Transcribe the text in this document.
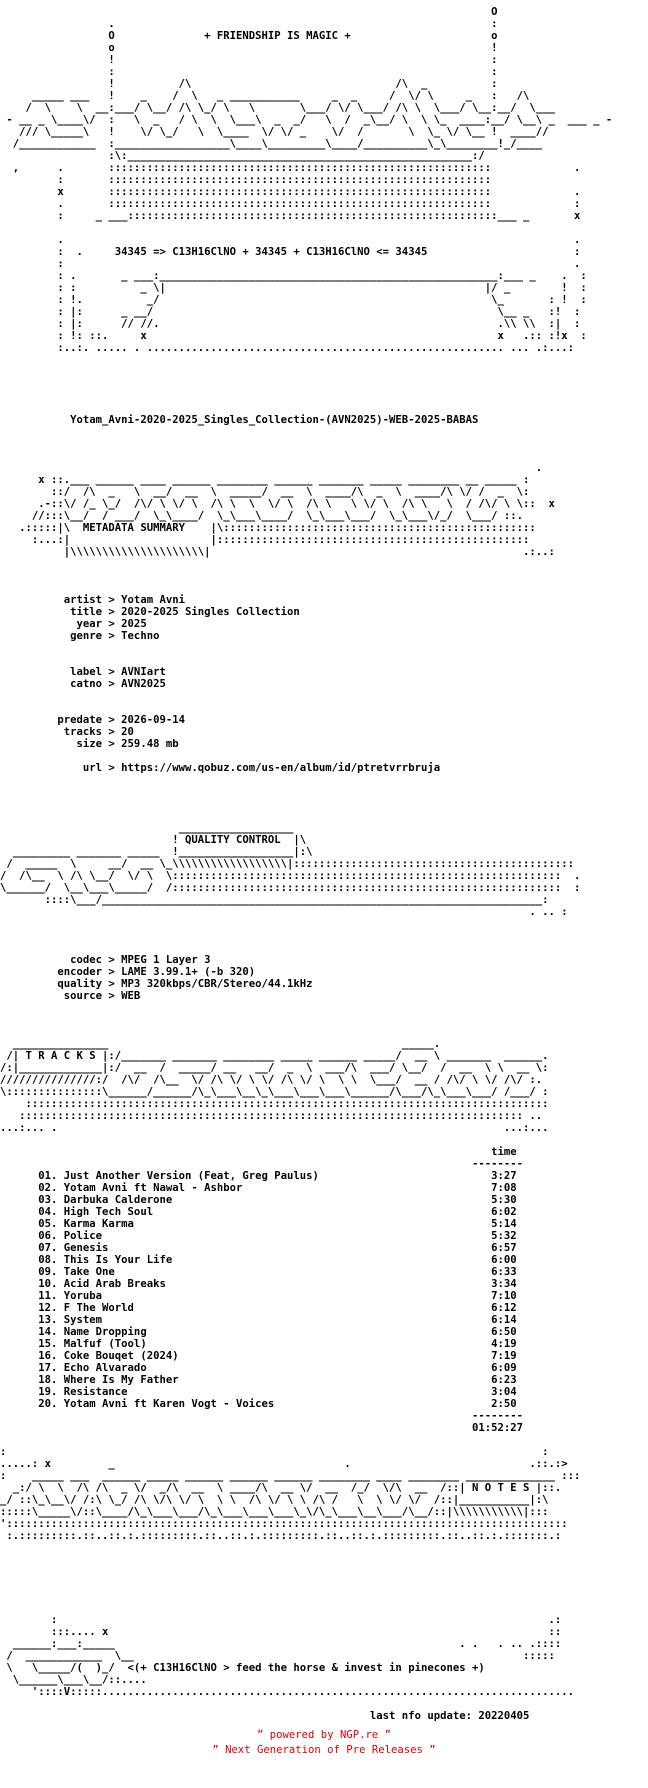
O
.                                                           :
O              + FRIENDSHIP IS MAGIC +                      o
o                                                           !
!                                                           :
:                                                           :
!          /\                                /\  _          :
_____ ___   !    _    /  \   _ ___________     _  _     /  \/ \     _   :   /\
/  \    \  __:___/ \__/ /\ \_/ \   \       \___/ \/ \___/ /\ \  \___/ \__:__/  \___
- __ _ \____\/  :   \  _   / \  \  \___\  _  _/   \  /  _\__/ \  \ \_  ____:__/ \__\ _  ___ _ -
/// \_____\   !    \/ \_/   \  \____  \/ \/ _    \/  /       \  \_ \/ \__ !  ____//
/____________  :__________________\____\_________\____/__________\_\________!_/____
:\:______________________________________________________:/
,      .       ::::::::::::::::::::::::::::::::::::::::::::::::::::::::::::             .
:       ::::::::::::::::::::::::::::::::::::::::::::::::::::::::::::
x       ::::::::::::::::::::::::::::::::::::::::::::::::::::::::::::             .
.       ::::::::::::::::::::::::::::::::::::::::::::::::::::::::::::             :
:     _ ___::::::::::::::::::::::::::::::::::::::::::::::::::::::::::___ _       x

.                                                                                .
:  .     34345 => C13H16ClNO + 34345 + C13H16ClNO <= 34345                       :
:                                                                                .
: .       _ ___:_____________________________________________________:___ _    .  :
: :          _ \|                                                  |/ _        !  :
: !.          _/                                                    \_       : !  :
: |:      _ __/                                                      \__ _   :!  :
: |:      // //.                                                     .\\ \\  :|  :
: !: ::.     x                                                       x   .:: :!x  :
:..:. ..... . ........................................................ ... .:...:

Yotam_Avni-2020-2025_Singles_Collection-(AVN2025)-WEB-2025-BABAS

.
x ::.___ ______ ____ ______ ________ ______ _______ _____ ________ __ _____ :
::/  /\  _   \  __/  __  \  _____/  __  \  ____/\  _  \  ____/\ \/ /  _  \:
.-::\/ /_ \_/  /\/ \ \/ \  /\ \  \  \/ \  /\ \   \ \/ \  /\ \   \  / /\/ \ \::  x
//:::\__/  / ___/  \_\____/  \_\___\____/  \_\___\___/  \_\___\/_/  \___/ ::.
.:::::|\  METADATA SUMMARY    |\:::::::::::::::::::::::::::::::::::::::::::::::::
:...:|                      |:::::::::::::::::::::::::::::::::::::::::::::::::
|\\\\\\\\\\\\\\\\\\\\\|                                                 .:..:

artist > Yotam Avni
title > 2020-2025 Singles Collection
year > 2025
genre > Techno

label > AVNIart
catno > AVN2025

predate > 2026-09-14
tracks > 20
size > 259.48 mb

url > https://www.qobuz.com/us-en/album/id/ptretvrrbruja

__________________
! QUALITY CONTROL  |\
_________ _______ _____  !__________________|:\
/  _____  \     __/  __ \_\\\\\\\\\\\\\\\\\\|::::::::::::::::::::::::::::::::::::::::::::
/  /\__  \ /\ \__/  \/ \  \:::::::::::::::::::::::::::::::::::::::::::::::::::::::::::::  .
\______/  \__\___\_____/  /:::::::::::::::::::::::::::::::::::::::::::::::::::::::::::::  :
::::\___/_____________________________________________________________________:
. .. :

codec > MPEG 1 Layer 3
encoder > LAME 3.99.1+ (-b 320)
quality > MP3 320kbps/CBR/Stereo/44.1kHz
source > WEB

_______________                                              _____.
/| T R A C K S |:/_______ _______ ________ _____ ______ _____/  __ \ _______  ______.
/:|_____________|:/  __  /  _____/ __   __/  _  \  ___/\  ___/ \__/  /  __  \ \  __ \:
///////////////:/  /\/  /\__  \/ /\ \/ \ \/ /\ \/ \  \ \  \___/  __ / /\/ \ \/ /\/ :.
\:::::::::::::::\______/______/\_\___\__\_\___\___\___\______/\___/\_\___\___/ /___/ :
::::::::::::::::::::::::::::::::::::::::::::::::::::::::::::::::::::::::::::::::::
::::::::::::::::::::::::::::::::::::::::::::::::::::::::::::::::::::::::::::::: ..
...:... .                                                                      ...:...

time
--------
01. Just Another Version (Feat, Greg Paulus)                           3:27
02. Yotam Avni ft Nawal - Ashbor                                       7:08
03. Darbuka Calderone                                                  5:30
04. High Tech Soul                                                     6:02
05. Karma Karma                                                        5:14
06. Police                                                             5:32
07. Genesis                                                            6:57
08. This Is Your Life                                                  6:00
09. Take One                                                           6:33
10. Acid Arab Breaks                                                   3:34
11. Yoruba                                                             7:10
12. F The World                                                        6:12
13. System                                                             6:14
14. Name Dropping                                                      6:50
15. Malfuf (Tool)                                                      4:19
16. Coke Bouqet (2024)                                                 7:19
17. Echo Alvarado                                                      6:09
18. Where Is My Father                                                 6:23
19. Resistance                                                         3:04
20. Yotam Avni ft Karen Vogt - Voices                                  2:50
--------
01:52:27

:                                                                                    :
.....: x         _                                    .                            .::.:>
:    _____ ___  ______ _____ ______ ______ ______ ________ ____ ________ ______________ :::
_:/ \  \  /\ /\  _ \/  _/\  __  \ ____/\  __ \/  __  /_/  \/\  __  /::| N O T E S |::.
_/ ::\_\__\/ /:\ \_/ /\ \/\ \/ \  \ \  /\ \/ \ \ /\ /   \  \ \/ \/  /::|___________|:\
:::::\_____\/::\____/\_\___\___/\_\___\___\___\_\/\_\___\__\___/\__/::|\\\\\\\\\\\|:::
'::::::::::::::::::::::::::::::::::::::::::::::::::::::::::::::::::::::::::::::::::::::::
:.:::::::::.::..::.:.:::::::::.::..::.:.:::::::::.::..::.:.:::::::::.::..::.:.:::::::.:

:                                                                             .:
:::.... x                                                                     ::
______:___:_____                                                      . .   . .. .::::
/  ____________  \__                                                             :::::
\   \_____/(  )_/  <(+ C13H16ClNO > feed the horse & invest in pinecones +)
\______\___\__/::....
'::::V:::::..........................................................................

last nfo update: 20220405
” powered by NGP.re ”
” Next Generation of Pre Releases ”
